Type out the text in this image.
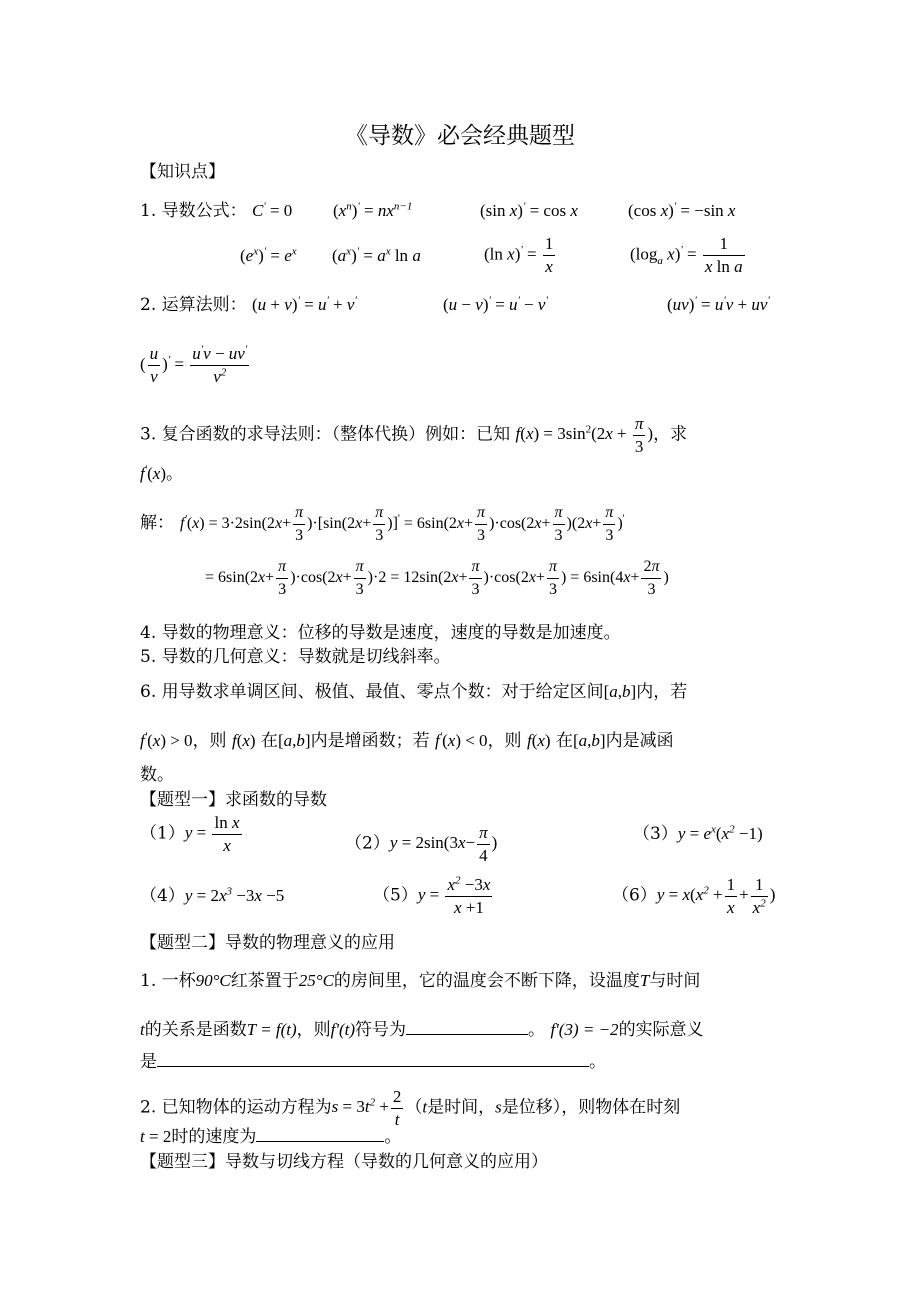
《导数》必会经典题型
【知识点】
1. 导数公式： C' = 0 $(x^n)' = nx^{n-1}$	(sin x)' = cos x	(cos x)' = −sin x
$(e^x)' = e^x$ $(a^x)' = a^x$ ln a	(ln $x)' = \frac{1}{x}$	($\log_a$ $x)' = \frac{1}{\text{x ln a}}$
2. 运算法则： (u + v)' = u' + v'	(u − v)' = u' − v'	(uv)' = u'v + uv'
( $\frac{u}{v} )' = \frac{u'v - uv'}{v^2}$
3. 复合函数的求导法则：（整体代换）例如：已知 $f(x) = 3\sin^2(2x + \frac{\pi}{3}$ )，求
f'(x)。
解： $f'(x) = 3\cdot 2\sin(2x+ \frac{\pi}{3} )\cdot[\sin(2x+ \frac{\pi}{3} )]' = 6\sin(2x+ \frac{\pi}{3} )\cdot\cos(2x+ \frac{\pi}{3} )(2x+ \frac{\pi}{3} )'$
= $6\sin(2x+ \frac{\pi}{3} )\cdot\cos(2x+ \frac{\pi}{3} )\cdot 2 = 12\sin(2x+ \frac{\pi}{3} )\cdot\cos(2x+ \frac{\pi}{3}$ ) = $6\sin(4x+ \frac{2\pi}{3}$ )
4. 导数的物理意义：位移的导数是速度，速度的导数是加速度。
5. 导数的几何意义：导数就是切线斜率。
6. 用导数求单调区间、极值、最值、零点个数：对于给定区间[a,b]内，若
f'(x) > 0，则 f(x) 在[a,b]内是增函数；若 f'(x) < 0，则 f(x) 在[a,b]内是减函
数。
【题型一】求函数的导数
$(1)y = \frac{\text{ln x}}{x}$	$(2)y = 2\sin(3x- \frac{\pi}{4}$ )	$(3)y = e^x(x^2 -1)$
$(4)y = 2x^3 -3x -5$	$(5)y = \frac{x^2 -3x}{x +1}$	$(6)y = x(x^2 + \frac{1}{x} + \frac{1}{x^2}$ )
【题型二】导数的物理意义的应用
1. 一杯90°C红茶置于25°C的房间里，它的温度会不断下降，设温度T与时间
t的关系是函数T = f(t)，则f'(t)符号为	。 f'(3) = −2的实际意义
是	。
2. 已知物体的运动方程为$s = 3t^2 + \frac{2}{t} (t$是时间，s是位移），则物体在时刻
t = 2时的速度为	。
【题型三】导数与切线方程（导数的几何意义的应用）
